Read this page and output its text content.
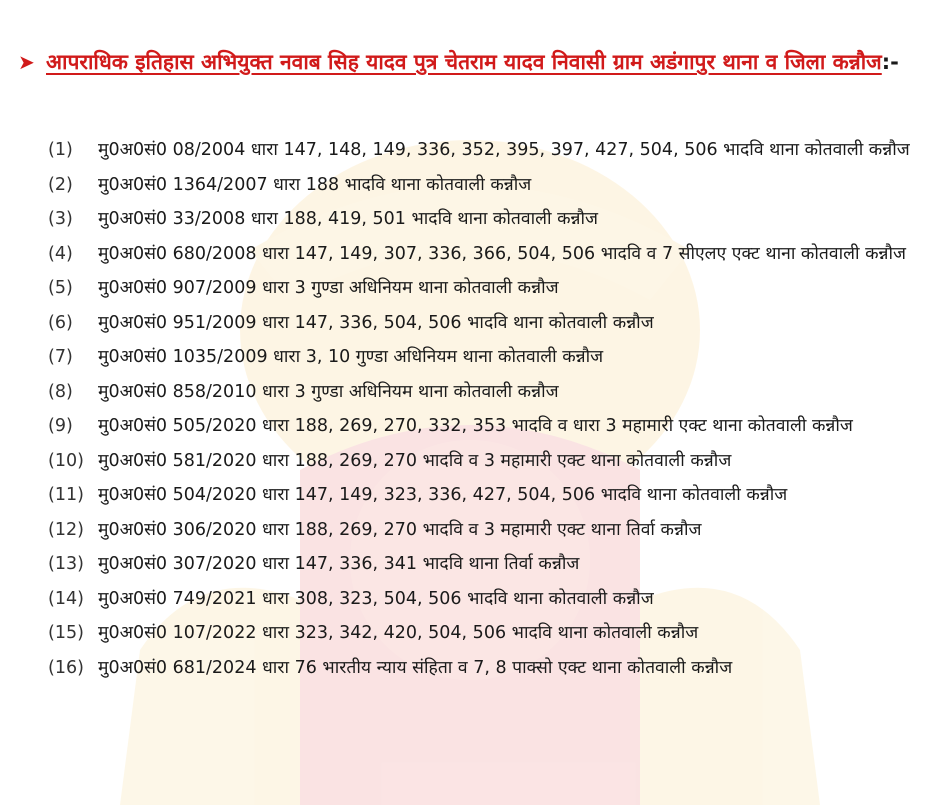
➤ आपराधिक इतिहास अभियुक्त नवाब सिह यादव पुत्र चेतराम यादव निवासी ग्राम अडंगापुर थाना व जिला कन्नौज:-
(1)	मु0अ0सं0 08/2004 धारा 147, 148, 149, 336, 352, 395, 397, 427, 504, 506 भादवि थाना कोतवाली कन्नौज
(2)	मु0अ0सं0 1364/2007 धारा 188 भादवि थाना कोतवाली कन्नौज
(3)	मु0अ0सं0 33/2008 धारा 188, 419, 501 भादवि थाना कोतवाली कन्नौज
(4)	मु0अ0सं0 680/2008 धारा 147, 149, 307, 336, 366, 504, 506 भादवि व 7 सीएलए एक्ट थाना कोतवाली कन्नौज
(5)	मु0अ0सं0 907/2009 धारा 3 गुण्डा अधिनियम थाना कोतवाली कन्नौज
(6)	मु0अ0सं0 951/2009 धारा 147, 336, 504, 506 भादवि थाना कोतवाली कन्नौज
(7)	मु0अ0सं0 1035/2009 धारा 3, 10 गुण्डा अधिनियम थाना कोतवाली कन्नौज
(8)	मु0अ0सं0 858/2010 धारा 3 गुण्डा अधिनियम थाना कोतवाली कन्नौज
(9)	मु0अ0सं0 505/2020 धारा 188, 269, 270, 332, 353 भादवि व धारा 3 महामारी एक्ट थाना कोतवाली कन्नौज
(10) मु0अ0सं0 581/2020 धारा 188, 269, 270 भादवि व 3 महामारी एक्ट थाना कोतवाली कन्नौज
(11) मु0अ0सं0 504/2020 धारा 147, 149, 323, 336, 427, 504, 506 भादवि थाना कोतवाली कन्नौज
(12) मु0अ0सं0 306/2020 धारा 188, 269, 270 भादवि व 3 महामारी एक्ट थाना तिर्वा कन्नौज
(13) मु0अ0सं0 307/2020 धारा 147, 336, 341 भादवि थाना तिर्वा कन्नौज
(14) मु0अ0सं0 749/2021 धारा 308, 323, 504, 506 भादवि थाना कोतवाली कन्नौज
(15) मु0अ0सं0 107/2022 धारा 323, 342, 420, 504, 506 भादवि थाना कोतवाली कन्नौज
(16) मु0अ0सं0 681/2024 धारा 76 भारतीय न्याय संहिता व 7, 8 पाक्सो एक्ट थाना कोतवाली कन्नौज
